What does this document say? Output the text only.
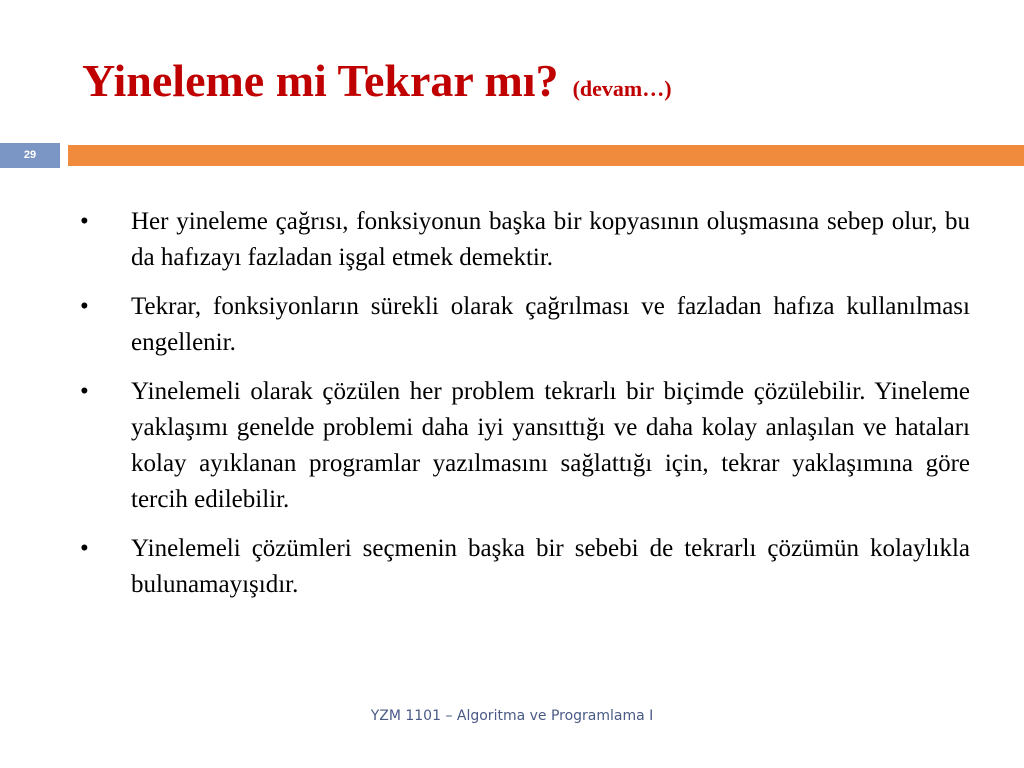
Yineleme mi Tekrar mı? (devam…)
29
•	Her yineleme çağrısı, fonksiyonun başka bir kopyasının oluşmasına sebep olur, bu da hafızayı fazladan işgal etmek demektir.
•	Tekrar, fonksiyonların sürekli olarak çağrılması ve fazladan hafıza kullanılması engellenir.
•	Yinelemeli olarak çözülen her problem tekrarlı bir biçimde çözülebilir. Yineleme yaklaşımı genelde problemi daha iyi yansıttığı ve daha kolay anlaşılan ve hataları kolay ayıklanan programlar yazılmasını sağlattığı için, tekrar yaklaşımına göre tercih edilebilir.
•	Yinelemeli çözümleri seçmenin başka bir sebebi de tekrarlı çözümün kolaylıkla bulunamayışıdır.
YZM 1101 – Algoritma ve Programlama I
